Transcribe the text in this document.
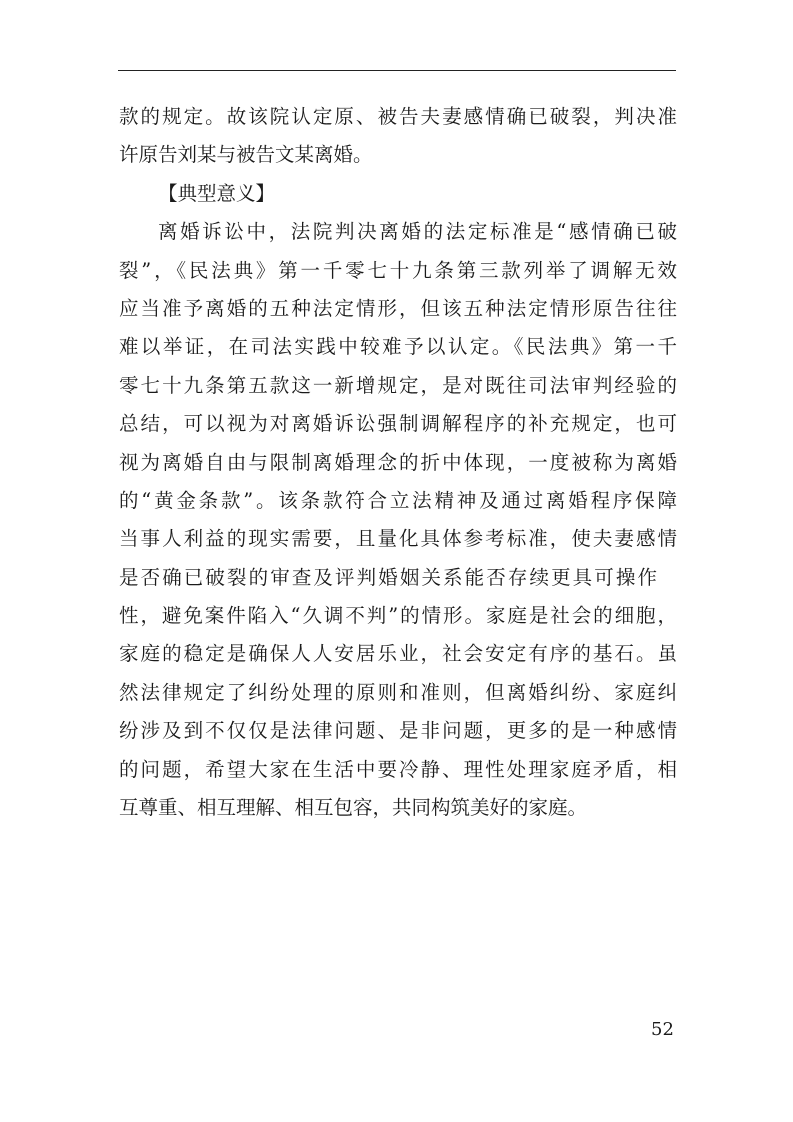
款的规定。故该院认定原、被告夫妻感情确已破裂，判决准
许原告刘某与被告文某离婚。
【典型意义】
离婚诉讼中，法院判决离婚的法定标准是“感情确已破
裂”，《民法典》第一千零七十九条第三款列举了调解无效
应当准予离婚的五种法定情形，但该五种法定情形原告往往
难以举证，在司法实践中较难予以认定。《民法典》第一千
零七十九条第五款这一新增规定，是对既往司法审判经验的
总结，可以视为对离婚诉讼强制调解程序的补充规定，也可
视为离婚自由与限制离婚理念的折中体现，一度被称为离婚
的“黄金条款”。该条款符合立法精神及通过离婚程序保障
当事人利益的现实需要，且量化具体参考标准，使夫妻感情
是否确已破裂的审查及评判婚姻关系能否存续更具可操作
性，避免案件陷入“久调不判”的情形。家庭是社会的细胞，
家庭的稳定是确保人人安居乐业，社会安定有序的基石。虽
然法律规定了纠纷处理的原则和准则，但离婚纠纷、家庭纠
纷涉及到不仅仅是法律问题、是非问题，更多的是一种感情
的问题，希望大家在生活中要冷静、理性处理家庭矛盾，相
互尊重、相互理解、相互包容，共同构筑美好的家庭。
52
